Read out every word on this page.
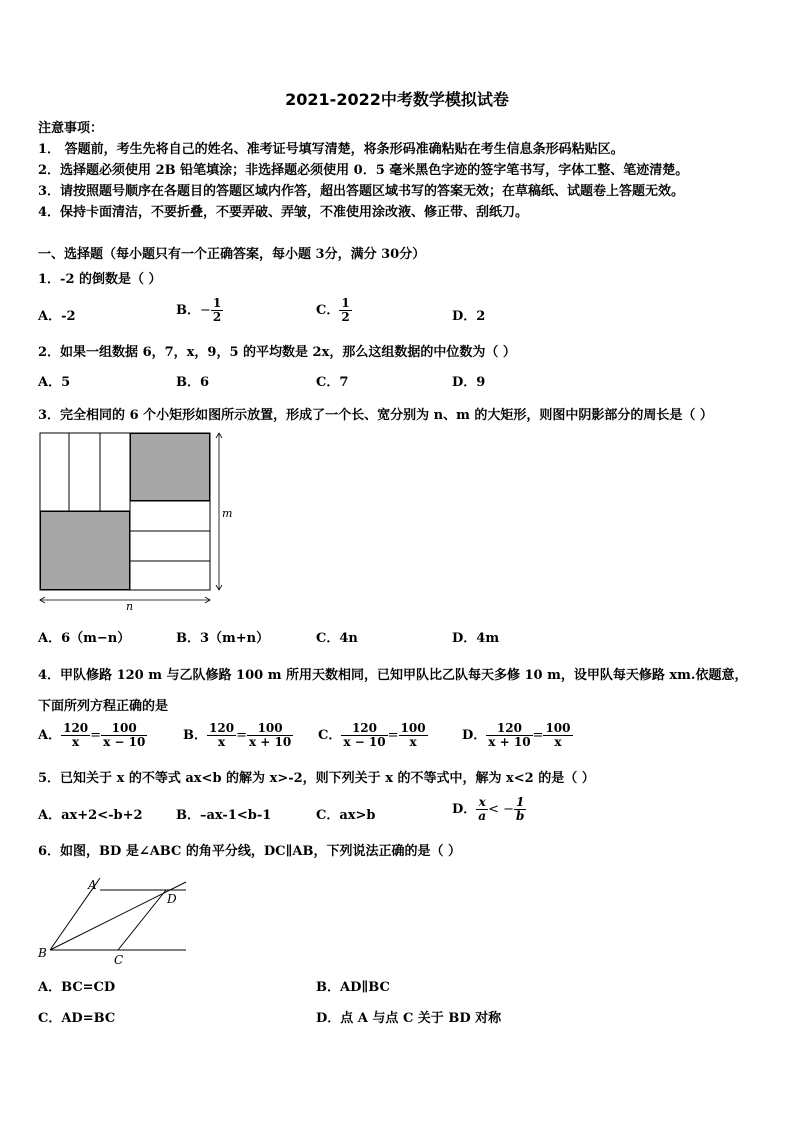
2021-2022中考数学模拟试卷
注意事项：
1． 答题前，考生先将自己的姓名、准考证号填写清楚，将条形码准确粘贴在考生信息条形码粘贴区。
2．选择题必须使用 2B 铅笔填涂；非选择题必须使用 0．5 毫米黑色字迹的签字笔书写，字体工整、笔迹清楚。
3．请按照题号顺序在各题目的答题区域内作答，超出答题区域书写的答案无效；在草稿纸、试题卷上答题无效。
4．保持卡面清洁，不要折叠，不要弄破、弄皱，不准使用涂改液、修正带、刮纸刀。
一、选择题（每小题只有一个正确答案，每小题 3分，满分 30分）
1．-2 的倒数是（ ）
A．-2	B．− $\frac{1}{2}$	C． $\frac{1}{2}$	D．2
2．如果一组数据 6，7，x，9，5 的平均数是 2x，那么这组数据的中位数为（ ）
A．5	B．6	C．7	D．9
3．完全相同的 6 个小矩形如图所示放置，形成了一个长、宽分别为 n、m 的大矩形，则图中阴影部分的周长是（ ）
m
n
A．6（m−n）	B．3（m+n）	C．4n	D．4m
4．甲队修路 120 m 与乙队修路 100 m 所用天数相同，已知甲队比乙队每天多修 10 m，设甲队每天修路 xm.依题意，
下面所列方程正确的是
A． $\frac{120}{x} = \frac{100}{x - 10}$	B． $\frac{120}{x} = \frac{100}{x + 10}$ C． $\frac{120}{x - 10} = \frac{100}{x}$	D． $\frac{120}{x + 10} = \frac{100}{x}$
5．已知关于 x 的不等式 ax<b 的解为 x>-2，则下列关于 x 的不等式中，解为 x<2 的是（ ）
A．ax+2<-b+2	B．–ax-1<b-1	C．ax>b	D． $\frac{x}{a}$ < − $\frac{1}{b}$
6．如图，BD 是∠ABC 的角平分线，DC∥AB，下列说法正确的是（ ）
A
B	C
D
A．BC=CD	B．AD∥BC
C．AD=BC	D．点 A 与点 C 关于 BD 对称
